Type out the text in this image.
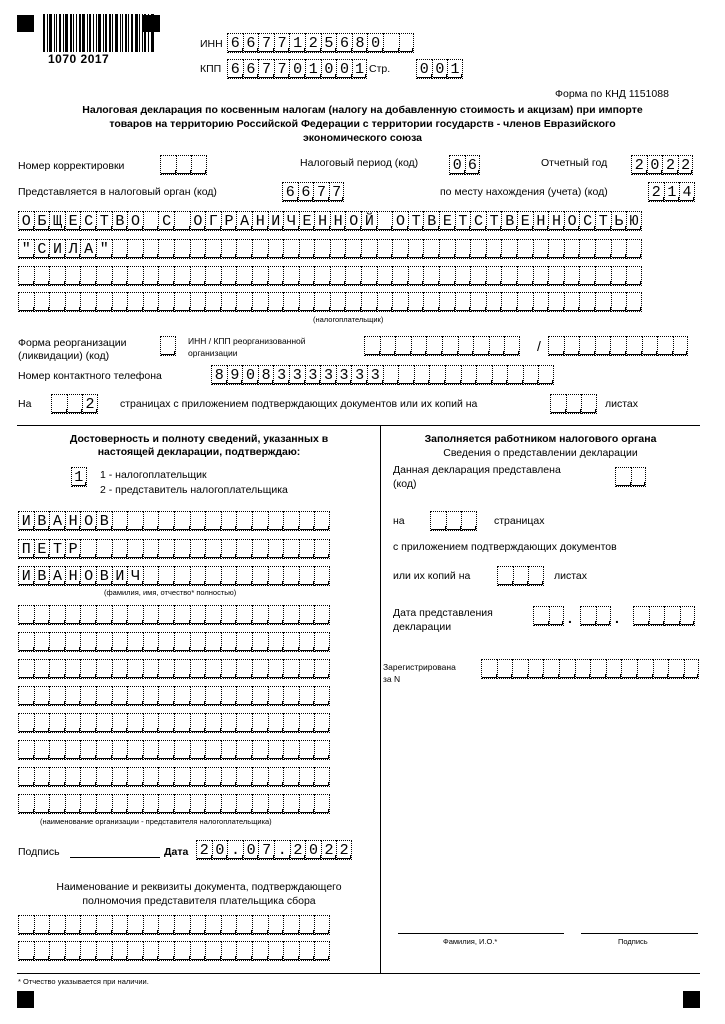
1070 2017
ИНН 6 6 7 7 1 2 5 6 8 0
КПП 6 6 7 7 0 1 0 0 1 Стр. 0 0 1
Форма по КНД 1151088
Налоговая декларация по косвенным налогам (налогу на добавленную стоимость и акцизам) при импорте
товаров на территорию Российской Федерации с территории государств - членов Евразийского
экономического союза
Номер корректировки	Налоговый период (код) 0 6	Отчетный год 2 0 2 2
Представляется в налоговый орган (код)	6 6 7 7	по месту нахождения (учета) (код)	2 1 4
О Б Щ Е С Т В О С О Г Р А Н И Ч Е Н Н О Й О Т В Е Т С Т В Е Н Н О С Т Ь Ю
" С И Л А "
(налогоплательщик)
Форма реорганизации
(ликвидации) (код)
ИНН / КПП реорганизованной
организации	/
Номер контактного телефона	8 9 0 8 3 3 3 3 3 3 3
На	2	страницах с приложением подтверждающих документов или их копий на	листах
Достоверность и полноту сведений, указанных в
настоящей декларации, подтверждаю:
1	1 - налогоплательщик
2 - представитель налогоплательщика
И В А Н О В
П Е Т Р
И В А Н О В И Ч
(фамилия, имя, отчество* полностью)
(наименование организации - представителя налогоплательщика)
Подпись	Дата 2 0 . 0 7 . 2 0 2 2
Наименование и реквизиты документа, подтверждающего
полномочия представителя плательщика сбора
Заполняется работником налогового органа
Сведения о представлении декларации
Данная декларация представлена
(код)
на	страницах
с приложением подтверждающих документов
или их копий на	листах
Дата представления
декларации
.	.
Зарегистрирована
за N
Фамилия, И.О.*	Подпись
* Отчество указывается при наличии.
